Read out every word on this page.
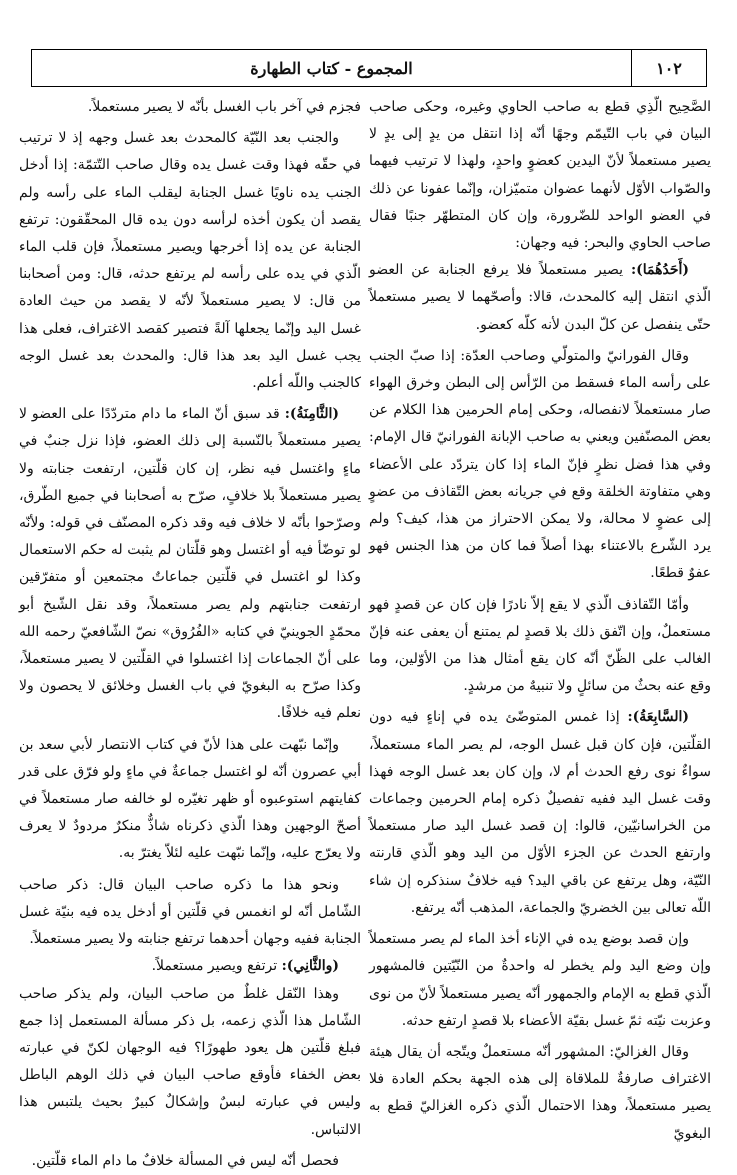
١٠٢
المجموع - كتاب الطهارة

الصَّحِيح الّذِي قطع به صاحب الحاوي وغيره، وحكى صاحب البيان في باب التّيمّم وجهًا أنّه إذا انتقل من يدٍ إلى يدٍ لا يصير مستعملاً لأنّ اليدين كعضوٍ واحدٍ، ولهذا لا ترتيب فيهما والصّواب الأوّل لأنهما عضوان متميّزان، وإنّما عفونا عن ذلك في العضو الواحد للضّرورة، وإن كان المتطهّر جنبًا فقال صاحب الحاوي والبحر: فيه وجهان:

(أَحَدُهُمَا): يصير مستعملاً فلا يرفع الجنابة عن العضو الّذي انتقل إليه كالمحدث، قالا: وأصحّهما لا يصير مستعملاً حتّى ينفصل عن كلّ البدن لأنه كلّه كعضو.

وقال الفورانيّ والمتولّي وصاحب العدّة: إذا صبّ الجنب على رأسه الماء فسقط من الرّأس إلى البطن وخرق الهواء صار مستعملاً لانفصاله، وحكى إمام الحرمين هذا الكلام عن بعض المصنّفين ويعني به صاحب الإبانة الفورانيّ قال الإمام: وفي هذا فضل نظرٍ فإنّ الماء إذا كان يتردّد على الأعضاء وهي متفاوتة الخلقة وقع في جريانه بعض التّقاذف من عضوٍ إلى عضوٍ لا محالة، ولا يمكن الاحتراز من هذا، كيف؟ ولم يرد الشّرع بالاعتناء بهذا أصلاً فما كان من هذا الجنس فهو عفوٌ قطعًا.

وأمّا التّقاذف الّذي لا يقع إلاّ نادرًا فإن كان عن قصدٍ فهو مستعملٌ، وإن اتّفق ذلك بلا قصدٍ لم يمتنع أن يعفى عنه فإنّ الغالب على الظّنّ أنّه كان يقع أمثال هذا من الأوّلين، وما وقع عنه بحثٌ من سائلٍ ولا تنبيهٌ من مرشدٍ.

(السَّابِعَةُ): إذا غمس المتوضّئ يده في إناءٍ فيه دون القلّتين، فإن كان قبل غسل الوجه، لم يصر الماء مستعملاً، سواءٌ نوى رفع الحدث أم لا، وإن كان بعد غسل الوجه فهذا وقت غسل اليد ففيه تفصيلٌ ذكره إمام الحرمين وجماعات من الخراسانيّين، قالوا: إن قصد غسل اليد صار مستعملاً وارتفع الحدث عن الجزء الأوّل من اليد وهو الّذي قارنته النّيّة، وهل يرتفع عن باقي اليد؟ فيه خلافٌ سنذكره إن شاء اللّه تعالى بين الخضريّ والجماعة، المذهب أنّه يرتفع.

وإن قصد بوضع يده في الإناء أخذ الماء لم يصر مستعملاً وإن وضع اليد ولم يخطر له واحدةٌ من النّيّتين فالمشهور الّذي قطع به الإمام والجمهور أنّه يصير مستعملاً لأنّ من نوى وعزبت نيّته ثمّ غسل بقيّة الأعضاء بلا قصدٍ ارتفع حدثه.

وقال الغزاليّ: المشهور أنّه مستعملٌ ويتّجه أن يقال هيئة الاغتراف صارفةٌ للملاقاة إلى هذه الجهة بحكم العادة فلا يصير مستعملاً، وهذا الاحتمال الّذي ذكره الغزاليّ قطع به البغويّ

فجزم في آخر باب الغسل بأنّه لا يصير مستعملاً.

والجنب بعد النّيّة كالمحدث بعد غسل وجهه إذ لا ترتيب في حقّه فهذا وقت غسل يده وقال صاحب التّتمّة: إذا أدخل الجنب يده ناويًا غسل الجنابة ليقلب الماء على رأسه ولم يقصد أن يكون أخذه لرأسه دون يده قال المحقّقون: ترتفع الجنابة عن يده إذا أخرجها ويصير مستعملاً، فإن قلب الماء الّذي في يده على رأسه لم يرتفع حدثه، قال: ومن أصحابنا من قال: لا يصير مستعملاً لأنّه لا يقصد من حيث العادة غسل اليد وإنّما يجعلها آلةً فتصير كقصد الاغتراف، فعلى هذا يجب غسل اليد بعد هذا قال: والمحدث بعد غسل الوجه كالجنب واللّه أعلم.

(الثَّامِنَةُ): قد سبق أنّ الماء ما دام متردّدًا على العضو لا يصير مستعملاً بالنّسبة إلى ذلك العضو، فإذا نزل جنبٌ في ماءٍ واغتسل فيه نظر، إن كان قلّتين، ارتفعت جنابته ولا يصير مستعملاً بلا خلافٍ، صرّح به أصحابنا في جميع الطّرق، وصرّحوا بأنّه لا خلاف فيه وقد ذكره المصنّف في قوله: ولأنّه لو توضّأ فيه أو اغتسل وهو قلّتان لم يثبت له حكم الاستعمال وكذا لو اغتسل في قلّتين جماعاتٌ مجتمعين أو متفرّقين ارتفعت جنابتهم ولم يصر مستعملاً، وقد نقل الشّيخ أبو محمّدٍ الجوينيّ في كتابه «الفُرُوق» نصّ الشّافعيّ رحمه الله على أنّ الجماعات إذا اغتسلوا في القلّتين لا يصير مستعملاً، وكذا صرّح به البغويّ في باب الغسل وخلائق لا يحصون ولا نعلم فيه خلافًا.

وإنّما نبّهت على هذا لأنّ في كتاب الانتصار لأبي سعد بن أبي عصرون أنّه لو اغتسل جماعةٌ في ماءٍ ولو فرّق على قدر كفايتهم استوعبوه أو ظهر تغيّره لو خالفه صار مستعملاً في أصحّ الوجهين وهذا الّذي ذكرناه شاذٌّ منكرٌ مردودٌ لا يعرف ولا يعرّج عليه، وإنّما نبّهت عليه لئلاّ يغترّ به.

ونحو هذا ما ذكره صاحب البيان قال: ذكر صاحب الشّامل أنّه لو انغمس في قلّتين أو أدخل يده فيه بنيّة غسل الجنابة ففيه وجهان أحدهما ترتفع جنابته ولا يصير مستعملاً.

(والثَّانِي): ترتفع ويصير مستعملاً.

وهذا النّقل غلطٌ من صاحب البيان، ولم يذكر صاحب الشّامل هذا الّذي زعمه، بل ذكر مسألة المستعمل إذا جمع فبلغ قلّتين هل يعود طهورًا؟ فيه الوجهان لكنّ في عبارته بعض الخفاء فأوقع صاحب البيان في ذلك الوهم الباطل وليس في عبارته لبسٌ وإشكالٌ كبيرٌ بحيث يلتبس هذا الالتباس.

فحصل أنّه ليس في المسألة خلافٌ ما دام الماء قلّتين.
